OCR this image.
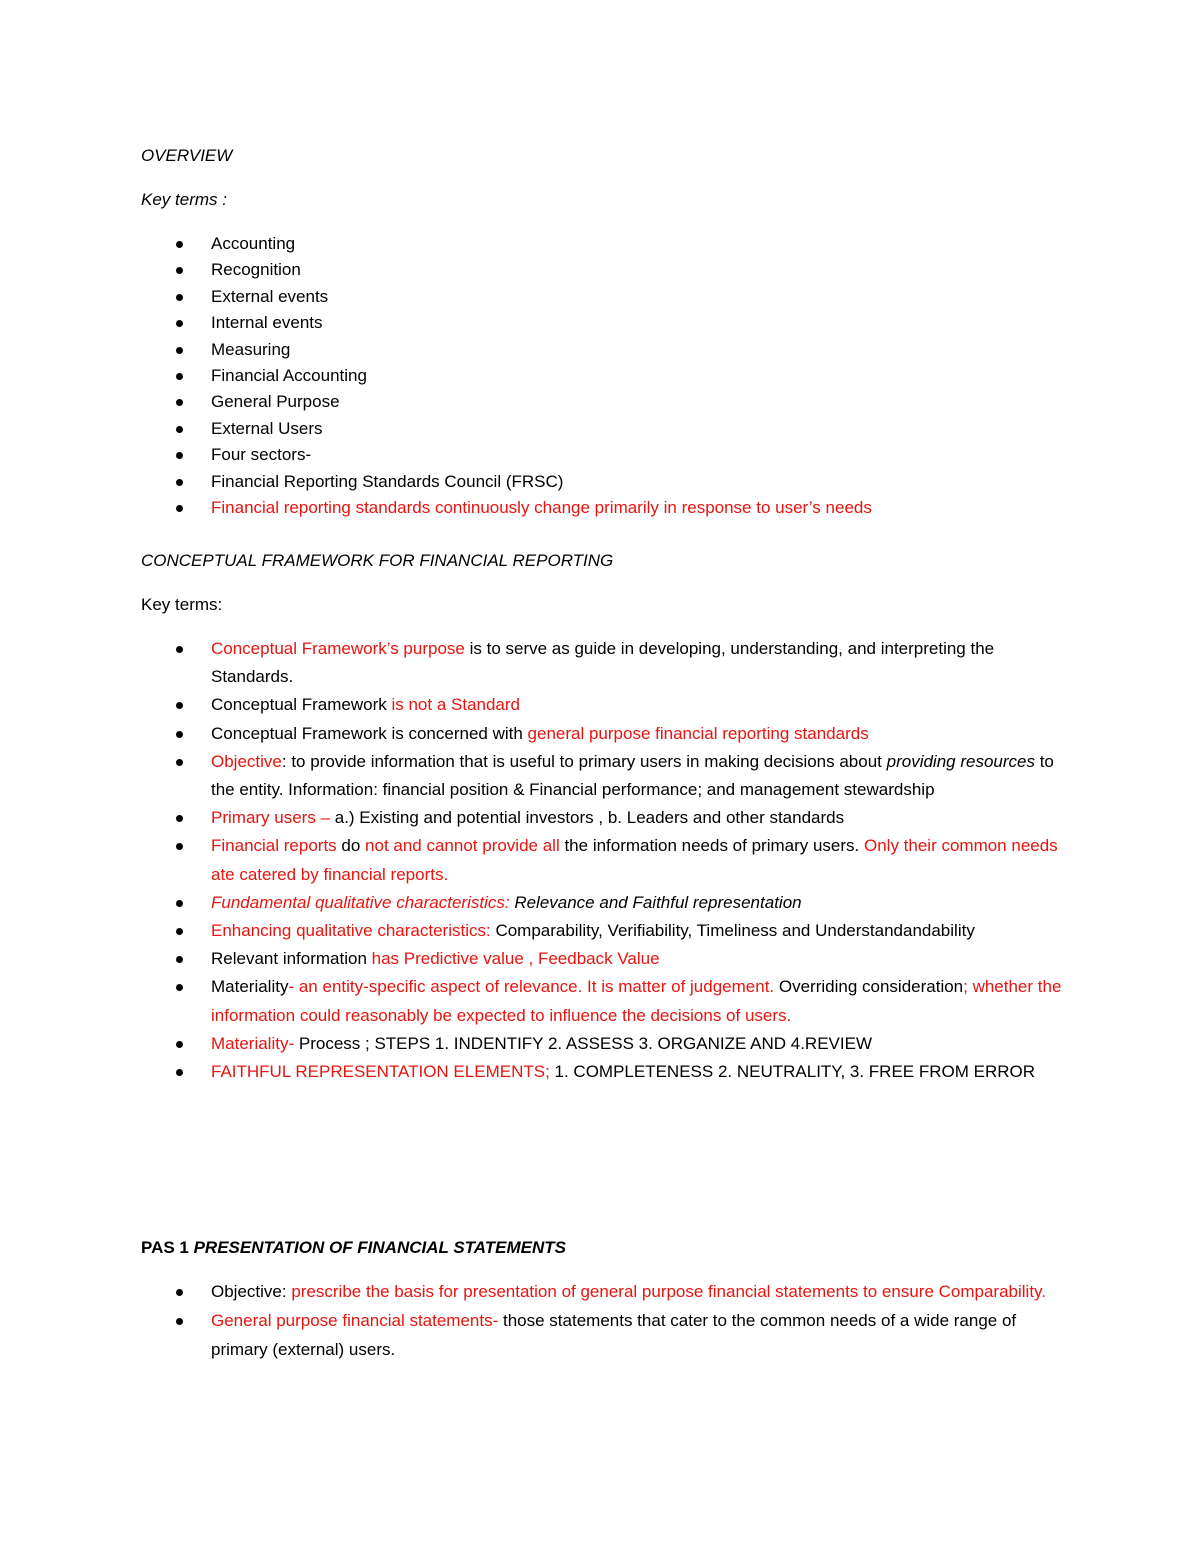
OVERVIEW
Key terms :
Accounting
Recognition
External events
Internal events
Measuring
Financial Accounting
General Purpose
External Users
Four sectors-
Financial Reporting Standards Council (FRSC)
Financial reporting standards continuously change primarily in response to user’s needs
CONCEPTUAL FRAMEWORK FOR FINANCIAL REPORTING
Key terms:
Conceptual Framework’s purpose is to serve as guide in developing, understanding, and interpreting the Standards.
Conceptual Framework is not a Standard
Conceptual Framework is concerned with general purpose financial reporting standards
Objective: to provide information that is useful to primary users in making decisions about providing resources to the entity. Information: financial position & Financial performance; and management stewardship
Primary users – a.) Existing and potential investors , b. Leaders and other standards
Financial reports do not and cannot provide all the information needs of primary users. Only their common needs ate catered by financial reports.
Fundamental qualitative characteristics: Relevance and Faithful representation
Enhancing qualitative characteristics: Comparability, Verifiability, Timeliness and Understandandability
Relevant information has Predictive value , Feedback Value
Materiality- an entity-specific aspect of relevance. It is matter of judgement. Overriding consideration; whether the information could reasonably be expected to influence the decisions of users.
Materiality- Process ; STEPS 1. INDENTIFY 2. ASSESS 3. ORGANIZE AND 4.REVIEW
FAITHFUL REPRESENTATION ELEMENTS; 1. COMPLETENESS 2. NEUTRALITY, 3. FREE FROM ERROR
PAS 1 PRESENTATION OF FINANCIAL STATEMENTS
Objective: prescribe the basis for presentation of general purpose financial statements to ensure Comparability.
General purpose financial statements- those statements that cater to the common needs of a wide range of primary (external) users.
